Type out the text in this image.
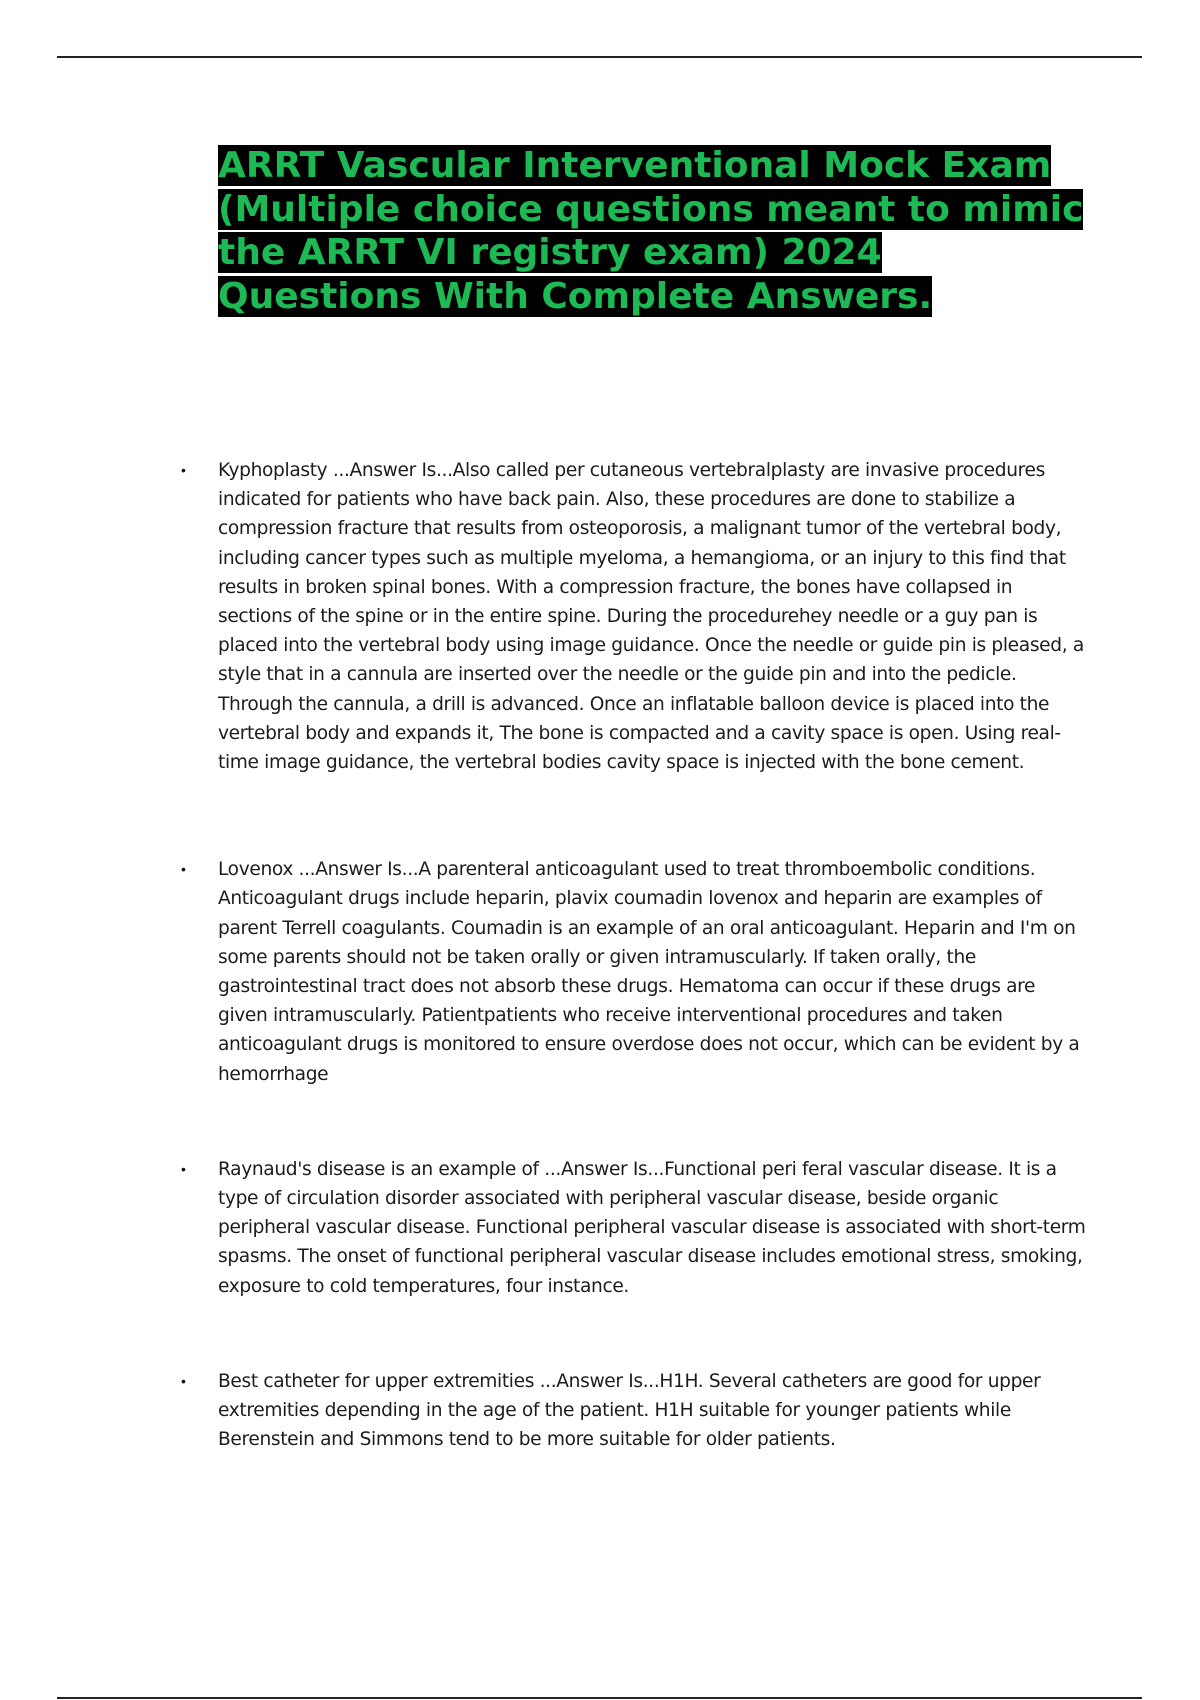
ARRT Vascular Interventional Mock Exam (Multiple choice questions meant to mimic the ARRT VI registry exam) 2024 Questions With Complete Answers.
• Kyphoplasty ...Answer Is...Also called per cutaneous vertebralplasty are invasive procedures indicated for patients who have back pain. Also, these procedures are done to stabilize a compression fracture that results from osteoporosis, a malignant tumor of the vertebral body, including cancer types such as multiple myeloma, a hemangioma, or an injury to this find that results in broken spinal bones. With a compression fracture, the bones have collapsed in sections of the spine or in the entire spine. During the procedurehey needle or a guy pan is placed into the vertebral body using image guidance. Once the needle or guide pin is pleased, a style that in a cannula are inserted over the needle or the guide pin and into the pedicle. Through the cannula, a drill is advanced. Once an inflatable balloon device is placed into the vertebral body and expands it, The bone is compacted and a cavity space is open. Using real-time image guidance, the vertebral bodies cavity space is injected with the bone cement.

• Lovenox ...Answer Is...A parenteral anticoagulant used to treat thromboembolic conditions. Anticoagulant drugs include heparin, plavix coumadin lovenox and heparin are examples of parent Terrell coagulants. Coumadin is an example of an oral anticoagulant. Heparin and I'm on some parents should not be taken orally or given intramuscularly. If taken orally, the gastrointestinal tract does not absorb these drugs. Hematoma can occur if these drugs are given intramuscularly. Patientpatients who receive interventional procedures and taken anticoagulant drugs is monitored to ensure overdose does not occur, which can be evident by a hemorrhage

• Raynaud's disease is an example of ...Answer Is...Functional peri feral vascular disease. It is a type of circulation disorder associated with peripheral vascular disease, beside organic peripheral vascular disease. Functional peripheral vascular disease is associated with short-term spasms. The onset of functional peripheral vascular disease includes emotional stress, smoking, exposure to cold temperatures, four instance.

• Best catheter for upper extremities ...Answer Is...H1H. Several catheters are good for upper extremities depending in the age of the patient. H1H suitable for younger patients while Berenstein and Simmons tend to be more suitable for older patients.
